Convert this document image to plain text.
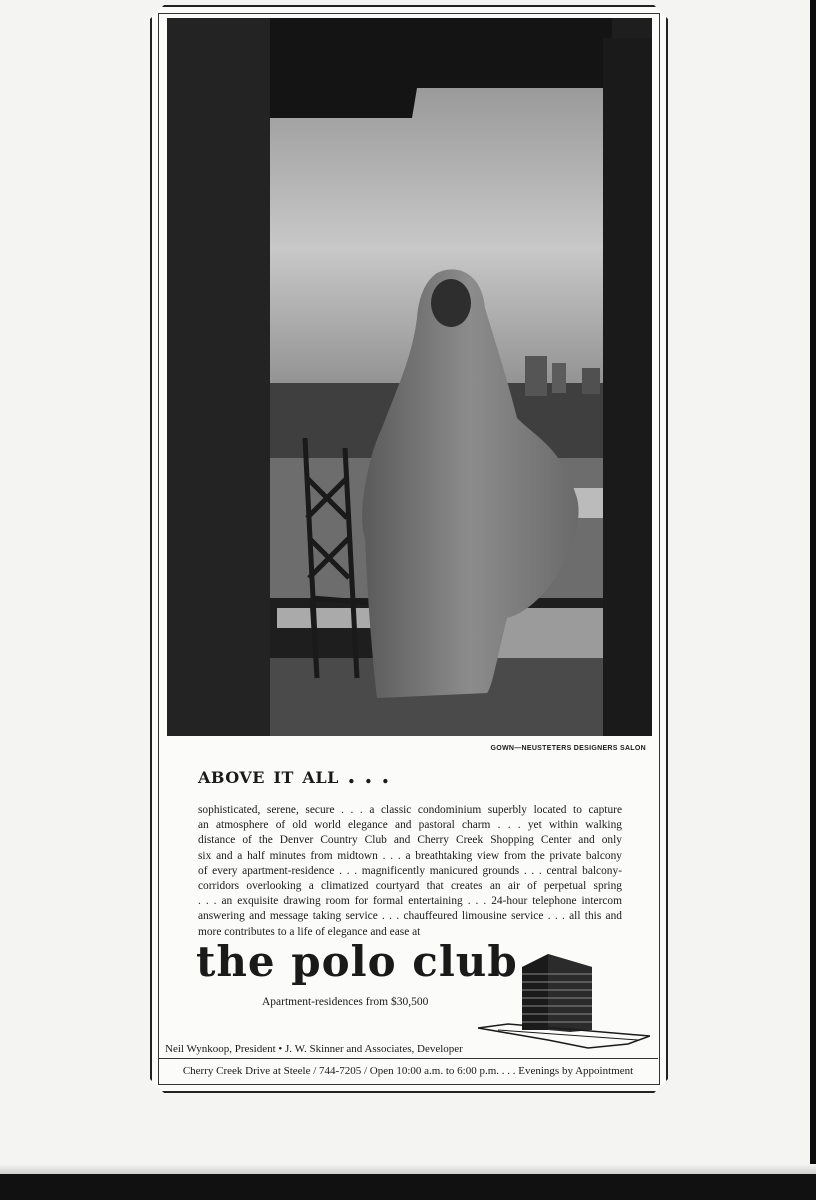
GOWN—NEUSTETERS DESIGNERS SALON
above it all . . .

sophisticated, serene, secure . . . a classic condominium superbly located to capture
an atmosphere of old world elegance and pastoral charm . . . yet within walking
distance of the Denver Country Club and Cherry Creek Shopping Center and only
six and a half minutes from midtown . . . a breathtaking view from the private balcony
of every apartment-residence . . . magnificently manicured grounds . . . central balcony-
corridors overlooking a climatized courtyard that creates an air of perpetual spring
. . . an exquisite drawing room for formal entertaining . . . 24-hour telephone intercom
answering and message taking service . . . chauffeured limousine service . . . all this and
more contributes to a life of elegance and ease at

the polo club
Apartment-residences from $30,500
Neil Wynkoop, President • J. W. Skinner and Associates, Developer
Cherry Creek Drive at Steele / 744-7205 / Open 10:00 a.m. to 6:00 p.m. . . . Evenings by Appointment
